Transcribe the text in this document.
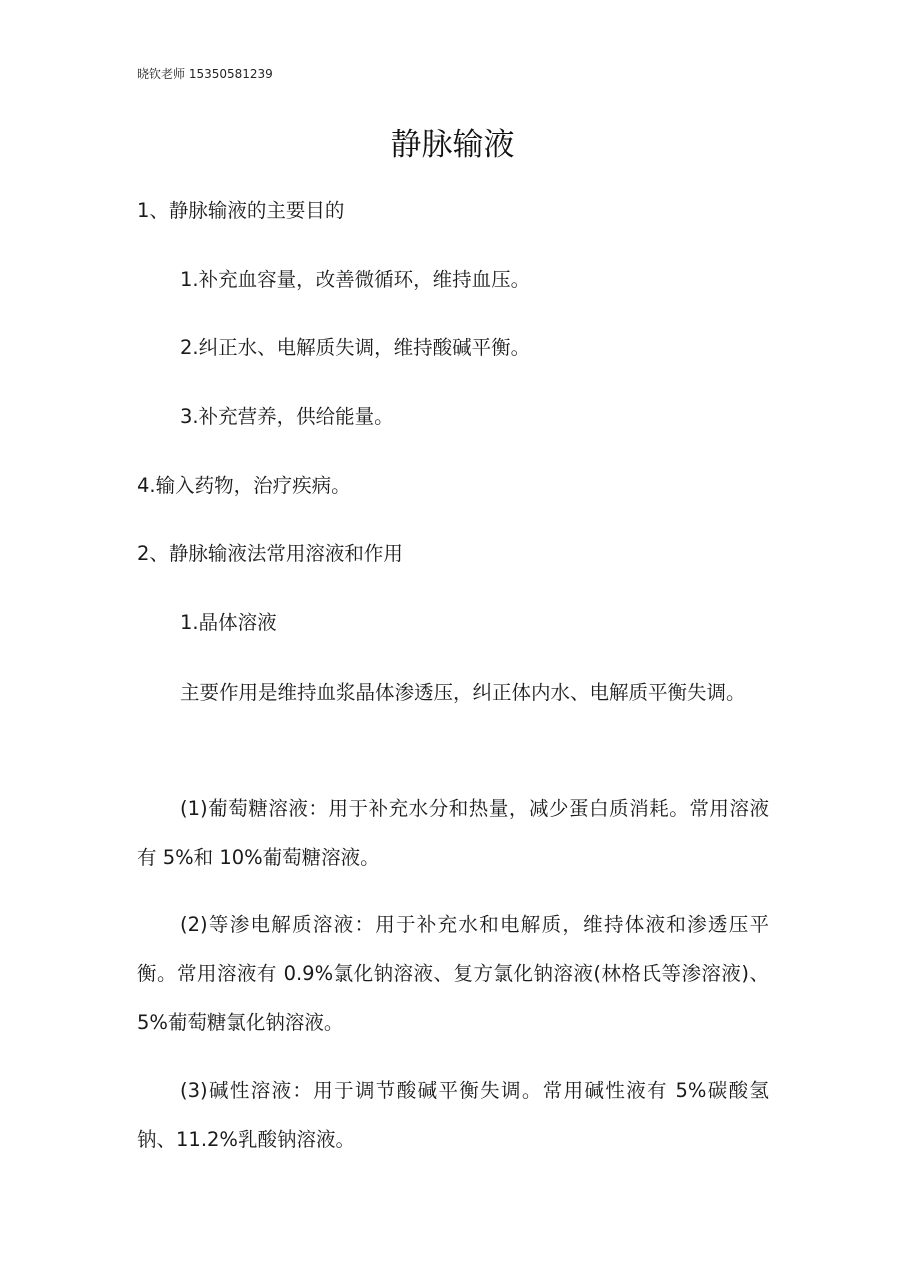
晓钦老师 15350581239
静脉输液
1、静脉输液的主要目的
1.补充血容量，改善微循环，维持血压。
2.纠正水、电解质失调，维持酸碱平衡。
3.补充营养，供给能量。
4.输入药物，治疗疾病。
2、静脉输液法常用溶液和作用
1.晶体溶液
主要作用是维持血浆晶体渗透压，纠正体内水、电解质平衡失调。
(1)葡萄糖溶液：用于补充水分和热量，减少蛋白质消耗。常用溶液有 5%和 10%葡萄糖溶液。
(2)等渗电解质溶液：用于补充水和电解质，维持体液和渗透压平衡。常用溶液有 0.9%氯化钠溶液、复方氯化钠溶液(林格氏等渗溶液)、5%葡萄糖氯化钠溶液。
(3)碱性溶液：用于调节酸碱平衡失调。常用碱性液有 5%碳酸氢钠、11.2%乳酸钠溶液。
